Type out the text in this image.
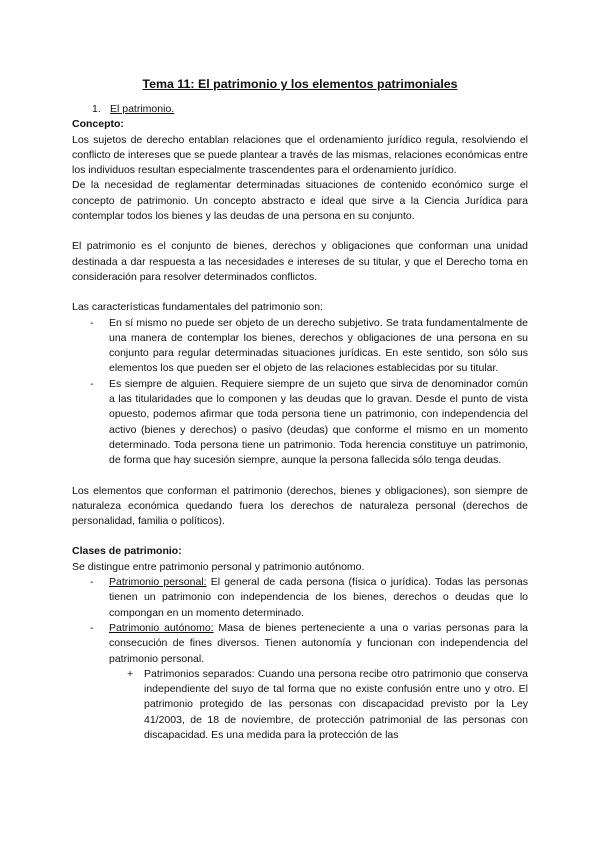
Tema 11: El patrimonio y los elementos patrimoniales
1. El patrimonio.

Concepto:

Los sujetos de derecho entablan relaciones que el ordenamiento jurídico regula, resolviendo el conflicto de intereses que se puede plantear a través de las mismas, relaciones económicas entre los individuos resultan especialmente trascendentes para el ordenamiento jurídico.

De la necesidad de reglamentar determinadas situaciones de contenido económico surge el concepto de patrimonio. Un concepto abstracto e ideal que sirve a la Ciencia Jurídica para contemplar todos los bienes y las deudas de una persona en su conjunto.

El patrimonio es el conjunto de bienes, derechos y obligaciones que conforman una unidad destinada a dar respuesta a las necesidades e intereses de su titular, y que el Derecho toma en consideración para resolver determinados conflictos.

Las características fundamentales del patrimonio son:

-	En sí mismo no puede ser objeto de un derecho subjetivo. Se trata fundamentalmente de una manera de contemplar los bienes, derechos y obligaciones de una persona en su conjunto para regular determinadas situaciones jurídicas. En este sentido, son sólo sus elementos los que pueden ser el objeto de las relaciones establecidas por su titular.
-	Es siempre de alguien. Requiere siempre de un sujeto que sirva de denominador común a las titularidades que lo componen y las deudas que lo gravan. Desde el punto de vista opuesto, podemos afirmar que toda persona tiene un patrimonio, con independencia del activo (bienes y derechos) o pasivo (deudas) que conforme el mismo en un momento determinado. Toda persona tiene un patrimonio. Toda herencia constituye un patrimonio, de forma que hay sucesión siempre, aunque la persona fallecida sólo tenga deudas.

Los elementos que conforman el patrimonio (derechos, bienes y obligaciones), son siempre de naturaleza económica quedando fuera los derechos de naturaleza personal (derechos de personalidad, familia o políticos).

Clases de patrimonio:

Se distingue entre patrimonio personal y patrimonio autónomo.

-	Patrimonio personal: El general de cada persona (física o jurídica). Todas las personas tienen un patrimonio con independencia de los bienes, derechos o deudas que lo compongan en un momento determinado.
-	Patrimonio autónomo: Masa de bienes perteneciente a una o varias personas para la consecución de fines diversos. Tienen autonomía y funcionan con independencia del patrimonio personal.
+	Patrimonios separados: Cuando una persona recibe otro patrimonio que conserva independiente del suyo de tal forma que no existe confusión entre uno y otro. El patrimonio protegido de las personas con discapacidad previsto por la Ley 41/2003, de 18 de noviembre, de protección patrimonial de las personas con discapacidad. Es una medida para la protección de las
